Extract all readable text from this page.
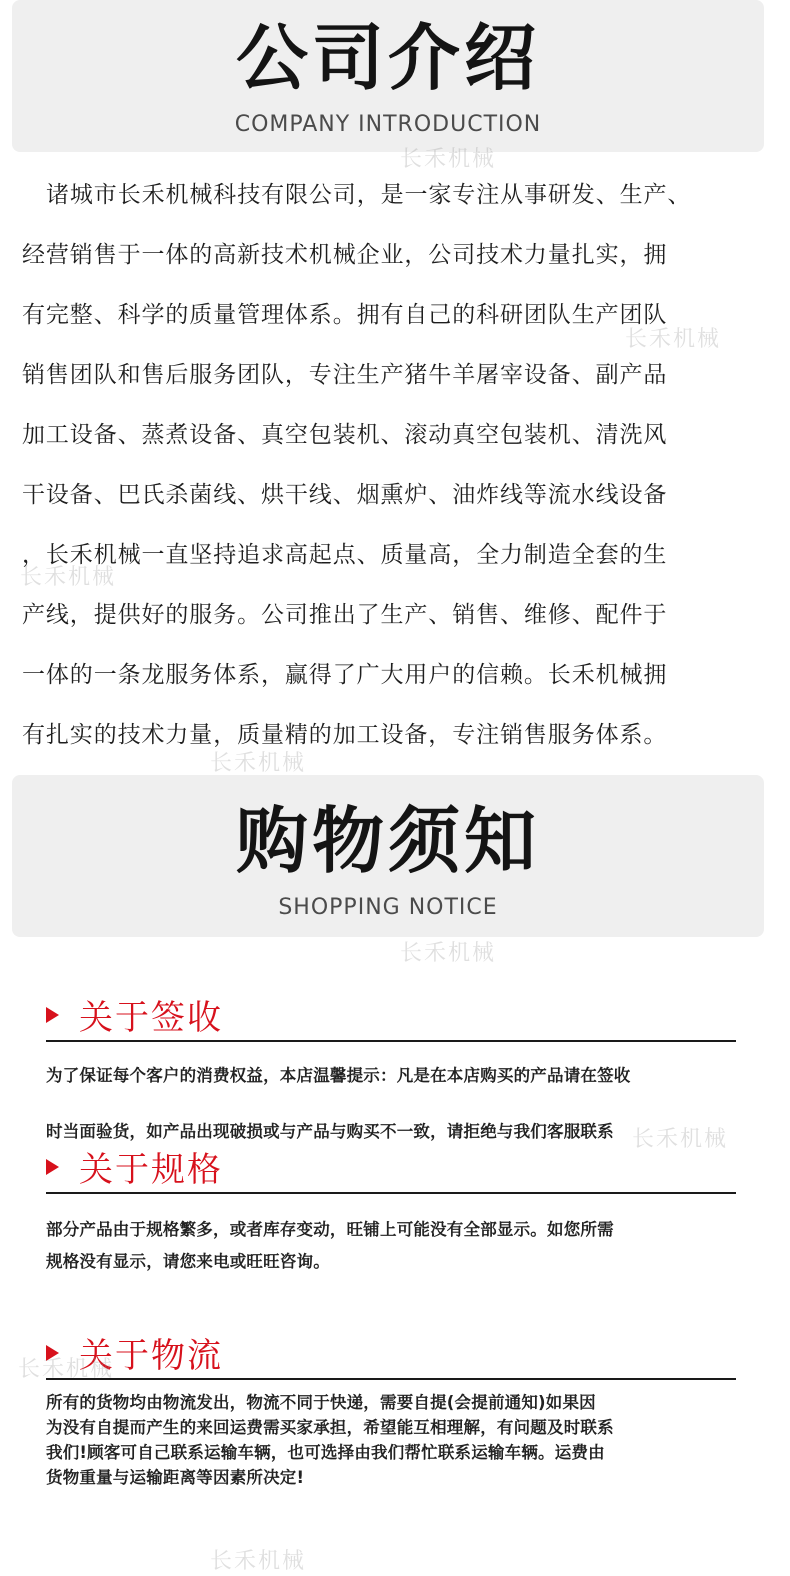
公司介绍
COMPANY INTRODUCTION
诸城市长禾机械科技有限公司，是一家专注从事研发、生产、
经营销售于一体的高新技术机械企业，公司技术力量扎实，拥
有完整、科学的质量管理体系。拥有自己的科研团队生产团队
销售团队和售后服务团队，专注生产猪牛羊屠宰设备、副产品
加工设备、蒸煮设备、真空包装机、滚动真空包装机、清洗风
干设备、巴氏杀菌线、烘干线、烟熏炉、油炸线等流水线设备
，长禾机械一直坚持追求高起点、质量高，全力制造全套的生
产线，提供好的服务。公司推出了生产、销售、维修、配件于
一体的一条龙服务体系，赢得了广大用户的信赖。长禾机械拥
有扎实的技术力量，质量精的加工设备，专注销售服务体系。
购物须知
SHOPPING NOTICE
关于签收
为了保证每个客户的消费权益，本店温馨提示：凡是在本店购买的产品请在签收
时当面验货，如产品出现破损或与产品与购买不一致，请拒绝与我们客服联系
关于规格
部分产品由于规格繁多，或者库存变动，旺铺上可能没有全部显示。如您所需
规格没有显示，请您来电或旺旺咨询。
关于物流
所有的货物均由物流发出，物流不同于快递，需要自提(会提前通知)如果因
为没有自提而产生的来回运费需买家承担，希望能互相理解，有问题及时联系
我们!顾客可自己联系运输车辆，也可选择由我们帮忙联系运输车辆。运费由
货物重量与运输距离等因素所决定!
长禾机械
长禾机械
长禾机械
长禾机械
长禾机械
长禾机械
长禾机械
长禾机械
